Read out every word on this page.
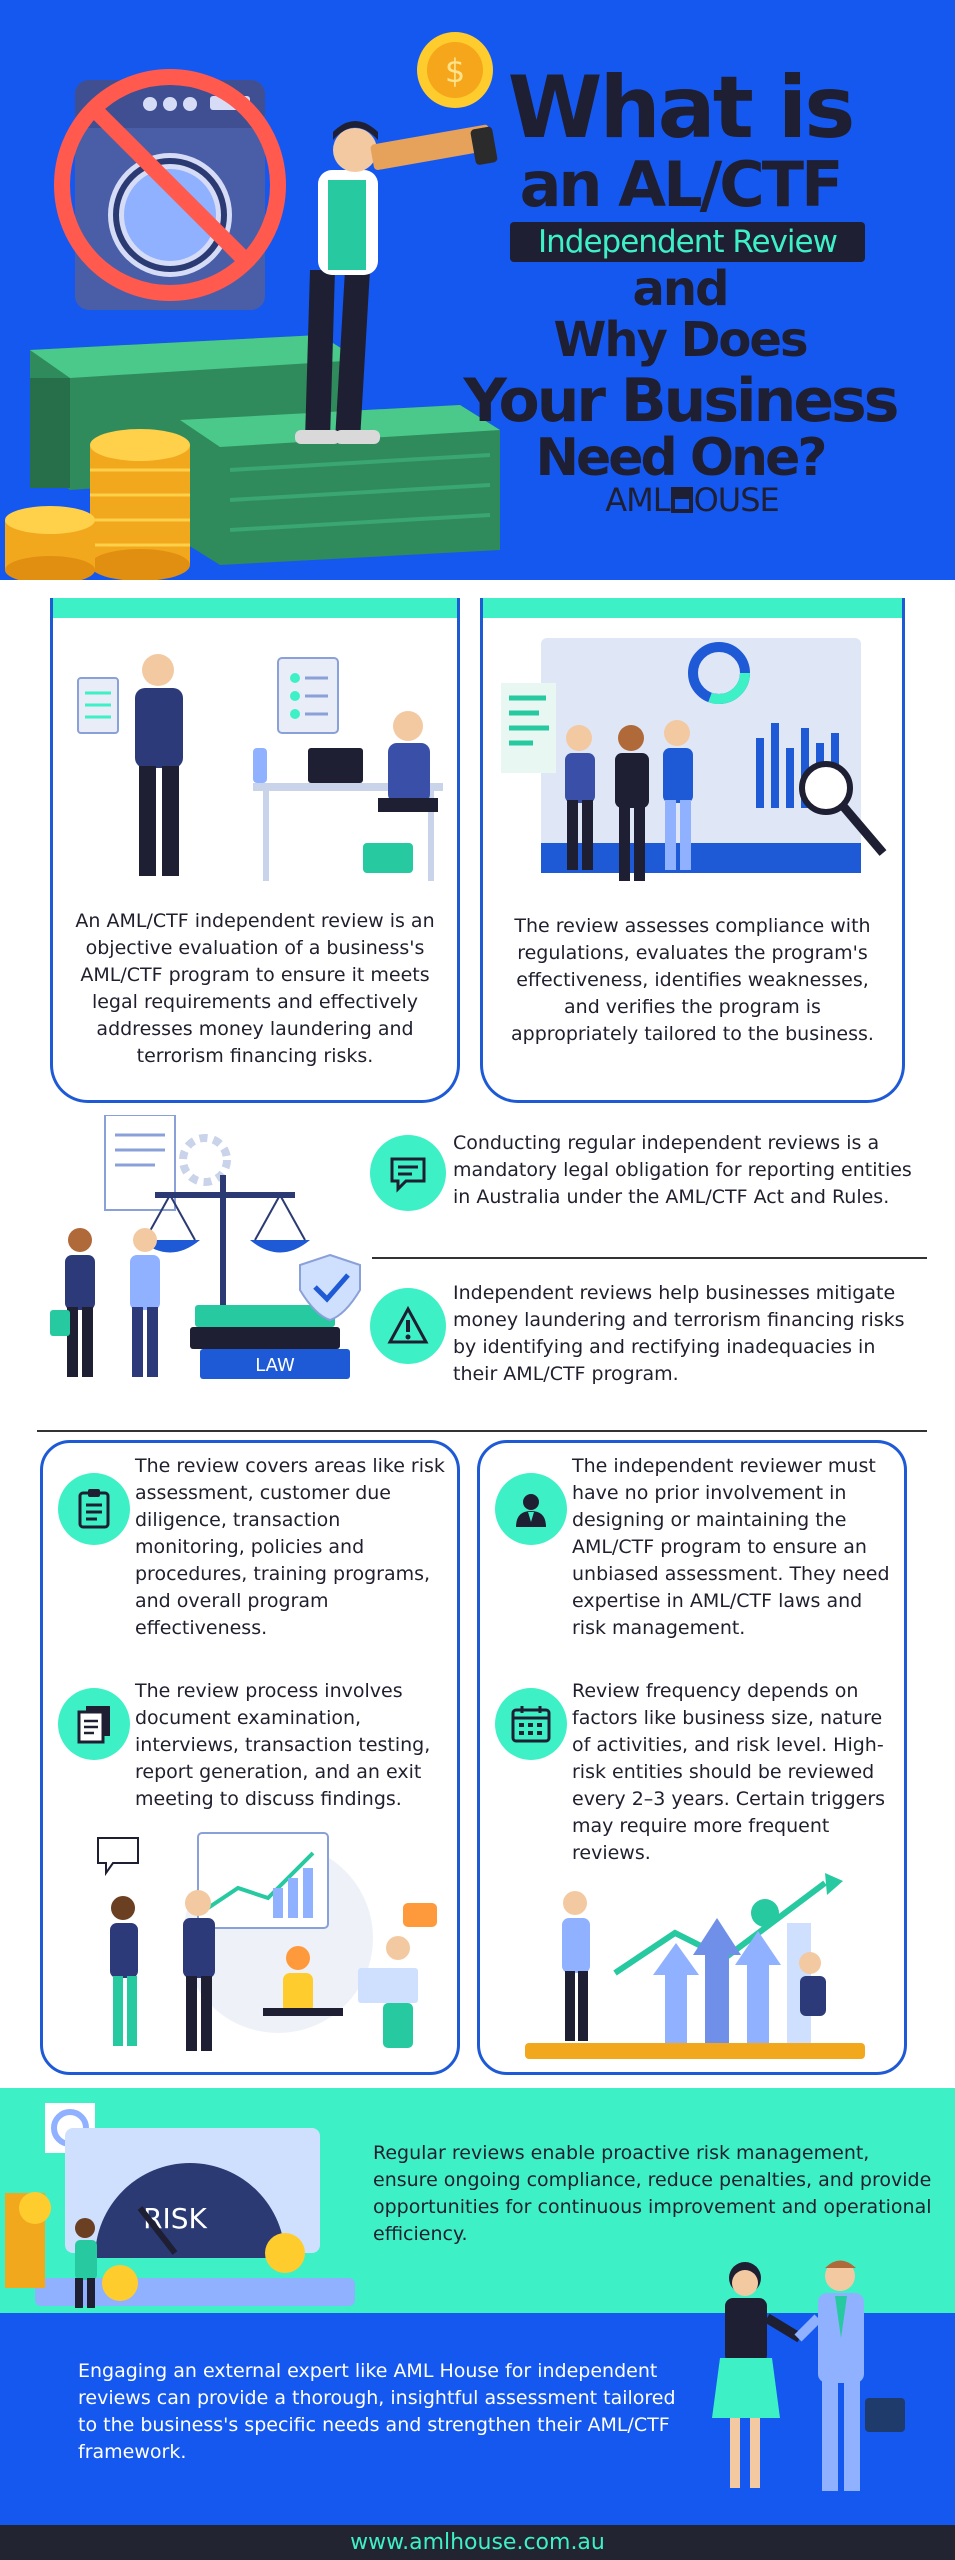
$ What is
an AL/CTF
Independent Review
and
Why Does
Your Business
Need One?
AML OUSE
An AML/CTF independent review is an objective evaluation of a business's AML/CTF program to ensure it meets legal requirements and effectively addresses money laundering and terrorism financing risks.
The review assesses compliance with regulations, evaluates the program's effectiveness, identifies weaknesses, and verifies the program is appropriately tailored to the business.
LAW
Conducting regular independent reviews is a mandatory legal obligation for reporting entities in Australia under the AML/CTF Act and Rules.
Independent reviews help businesses mitigate money laundering and terrorism financing risks by identifying and rectifying inadequacies in their AML/CTF program.
The review covers areas like risk assessment, customer due diligence, transaction monitoring, policies and procedures, training programs, and overall program effectiveness.
The review process involves document examination, interviews, transaction testing, report generation, and an exit meeting to discuss findings.
The independent reviewer must have no prior involvement in designing or maintaining the AML/CTF program to ensure an unbiased assessment. They need expertise in AML/CTF laws and risk management.
Review frequency depends on factors like business size, nature of activities, and risk level. High-risk entities should be reviewed every 2–3 years. Certain triggers may require more frequent reviews.
RISK
Regular reviews enable proactive risk management, ensure ongoing compliance, reduce penalties, and provide opportunities for continuous improvement and operational efficiency.
Engaging an external expert like AML House for independent reviews can provide a thorough, insightful assessment tailored to the business's specific needs and strengthen their AML/CTF framework.
www.amlhouse.com.au
